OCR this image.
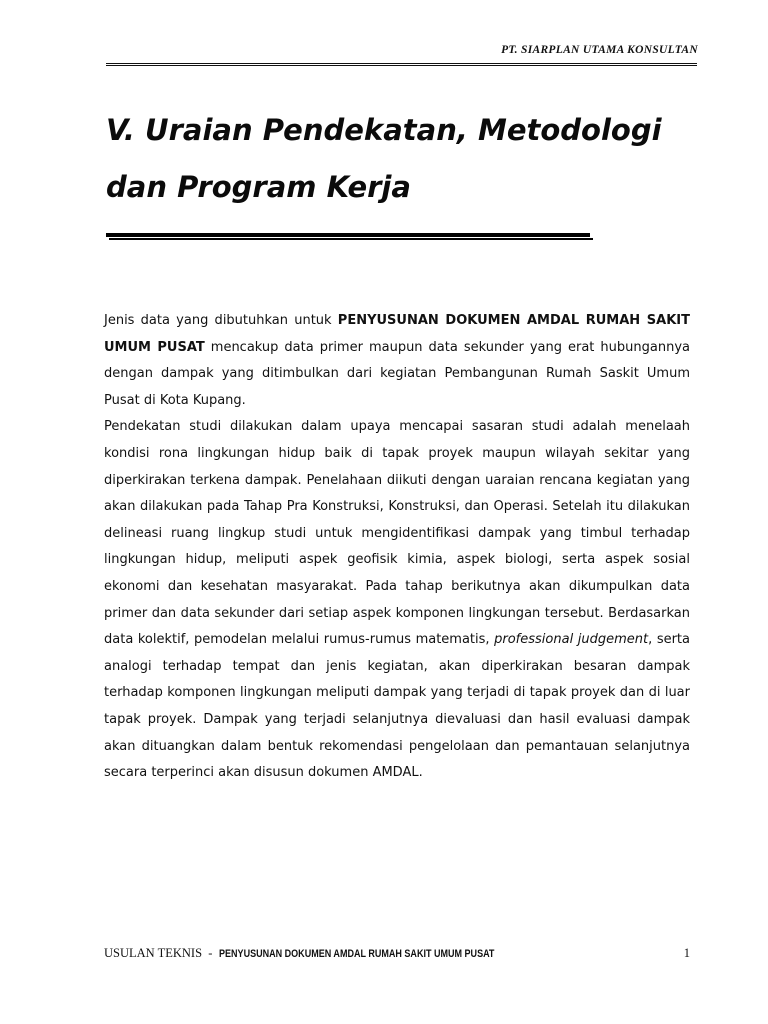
PT. SIARPLAN UTAMA KONSULTAN
V. Uraian Pendekatan, Metodologi
dan Program Kerja

Jenis data yang dibutuhkan untuk PENYUSUNAN DOKUMEN AMDAL RUMAH SAKIT UMUM PUSAT mencakup data primer maupun data sekunder yang erat hubungannya dengan dampak yang ditimbulkan dari kegiatan Pembangunan Rumah Saskit Umum Pusat di Kota Kupang.

Pendekatan studi dilakukan dalam upaya mencapai sasaran studi adalah menelaah kondisi rona lingkungan hidup baik di tapak proyek maupun wilayah sekitar yang diperkirakan terkena dampak. Penelahaan diikuti dengan uaraian rencana kegiatan yang akan dilakukan pada Tahap Pra Konstruksi, Konstruksi, dan Operasi. Setelah itu dilakukan delineasi ruang lingkup studi untuk mengidentifikasi dampak yang timbul terhadap lingkungan hidup, meliputi aspek geofisik kimia, aspek biologi, serta aspek sosial ekonomi dan kesehatan masyarakat. Pada tahap berikutnya akan dikumpulkan data primer dan data sekunder dari setiap aspek komponen lingkungan tersebut. Berdasarkan data kolektif, pemodelan melalui rumus-rumus matematis, professional judgement, serta analogi terhadap tempat dan jenis kegiatan, akan diperkirakan besaran dampak terhadap komponen lingkungan meliputi dampak yang terjadi di tapak proyek dan di luar tapak proyek. Dampak yang terjadi selanjutnya dievaluasi dan hasil evaluasi dampak akan dituangkan dalam bentuk rekomendasi pengelolaan dan pemantauan selanjutnya secara terperinci akan disusun dokumen AMDAL.

USULAN TEKNIS  -  PENYUSUNAN DOKUMEN AMDAL RUMAH SAKIT UMUM PUSAT	1
